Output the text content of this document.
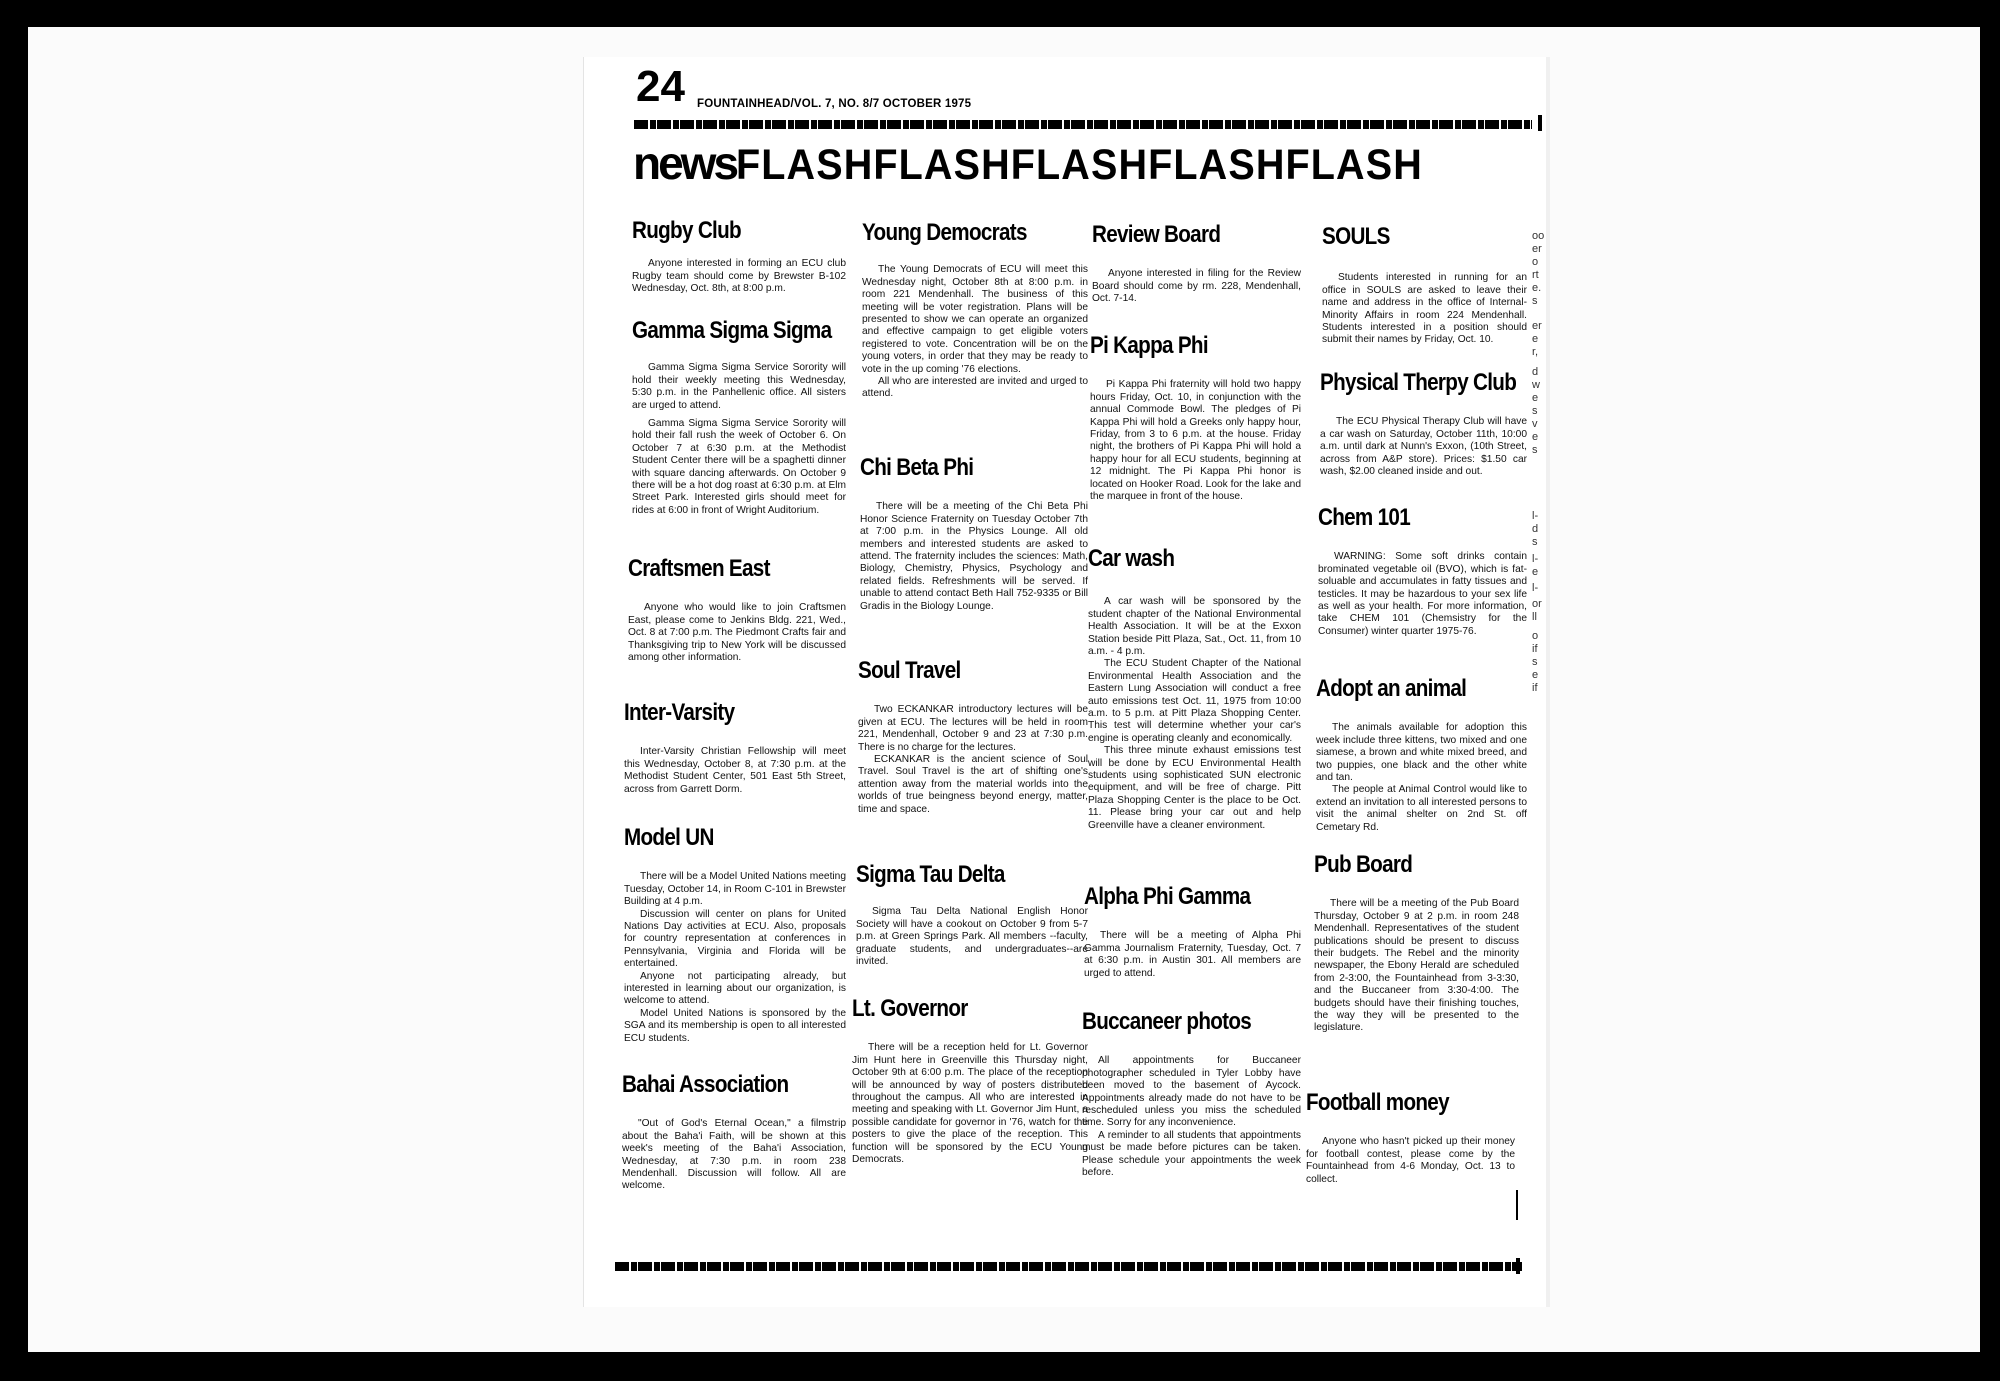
24 FOUNTAINHEAD/VOL. 7, NO. 8/7 OCTOBER 1975
newsFLASHFLASHFLASHFLASHFLASH
Rugby Club

Anyone interested in forming an ECU club Rugby team should come by Brewster B-102 Wednesday, Oct. 8th, at 8:00 p.m.

Gamma Sigma Sigma

Gamma Sigma Sigma Service Sorority will hold their weekly meeting this Wednesday, 5:30 p.m. in the Panhellenic office. All sisters are urged to attend.

Gamma Sigma Sigma Service Sorority will hold their fall rush the week of October 6. On October 7 at 6:30 p.m. at the Methodist Student Center there will be a spaghetti dinner with square dancing afterwards. On October 9 there will be a hot dog roast at 6:30 p.m. at Elm Street Park. Interested girls should meet for rides at 6:00 in front of Wright Auditorium.

Craftsmen East

Anyone who would like to join Craftsmen East, please come to Jenkins Bldg. 221, Wed., Oct. 8 at 7:00 p.m. The Piedmont Crafts fair and Thanksgiving trip to New York will be discussed among other information.

Inter-Varsity

Inter-Varsity Christian Fellowship will meet this Wednesday, October 8, at 7:30 p.m. at the Methodist Student Center, 501 East 5th Street, across from Garrett Dorm.

Model UN

There will be a Model United Nations meeting Tuesday, October 14, in Room C-101 in Brewster Building at 4 p.m.

Discussion will center on plans for United Nations Day activities at ECU. Also, proposals for country representation at conferences in Pennsylvania, Virginia and Florida will be entertained.

Anyone not participating already, but interested in learning about our organization, is welcome to attend.

Model United Nations is sponsored by the SGA and its membership is open to all interested ECU students.

Bahai Association

"Out of God's Eternal Ocean," a filmstrip about the Baha'i Faith, will be shown at this week's meeting of the Baha'i Association, Wednesday, at 7:30 p.m. in room 238 Mendenhall. Discussion will follow. All are welcome.

Young Democrats

The Young Democrats of ECU will meet this Wednesday night, October 8th at 8:00 p.m. in room 221 Mendenhall. The business of this meeting will be voter registration. Plans will be presented to show we can operate an organized and effective campaign to get eligible voters registered to vote. Concentration will be on the young voters, in order that they may be ready to vote in the up coming '76 elections.

All who are interested are invited and urged to attend.

Chi Beta Phi

There will be a meeting of the Chi Beta Phi Honor Science Fraternity on Tuesday October 7th at 7:00 p.m. in the Physics Lounge. All old members and interested students are asked to attend. The fraternity includes the sciences: Math, Biology, Chemistry, Physics, Psychology and related fields. Refreshments will be served. If unable to attend contact Beth Hall 752-9335 or Bill Gradis in the Biology Lounge.

Soul Travel

Two ECKANKAR introductory lectures will be given at ECU. The lectures will be held in room 221, Mendenhall, October 9 and 23 at 7:30 p.m. There is no charge for the lectures.

ECKANKAR is the ancient science of Soul Travel. Soul Travel is the art of shifting one's attention away from the material worlds into the worlds of true beingness beyond energy, matter, time and space.

Sigma Tau Delta

Sigma Tau Delta National English Honor Society will have a cookout on October 9 from 5-7 p.m. at Green Springs Park. All members --faculty, graduate students, and undergraduates--are invited.

Lt. Governor

There will be a reception held for Lt. Governor Jim Hunt here in Greenville this Thursday night, October 9th at 6:00 p.m. The place of the reception will be announced by way of posters distributed throughout the campus. All who are interested in meeting and speaking with Lt. Governor Jim Hunt, a possible candidate for governor in '76, watch for the posters to give the place of the reception. This function will be sponsored by the ECU Young Democrats.

Review Board

Anyone interested in filing for the Review Board should come by rm. 228, Mendenhall, Oct. 7-14.

Pi Kappa Phi

Pi Kappa Phi fraternity will hold two happy hours Friday, Oct. 10, in conjunction with the annual Commode Bowl. The pledges of Pi Kappa Phi will hold a Greeks only happy hour, Friday, from 3 to 6 p.m. at the house. Friday night, the brothers of Pi Kappa Phi will hold a happy hour for all ECU students, beginning at 12 midnight. The Pi Kappa Phi honor is located on Hooker Road. Look for the lake and the marquee in front of the house.

Car wash

A car wash will be sponsored by the student chapter of the National Environmental Health Association. It will be at the Exxon Station beside Pitt Plaza, Sat., Oct. 11, from 10 a.m. - 4 p.m.

The ECU Student Chapter of the National Environmental Health Association and the Eastern Lung Association will conduct a free auto emissions test Oct. 11, 1975 from 10:00 a.m. to 5 p.m. at Pitt Plaza Shopping Center. This test will determine whether your car's engine is operating cleanly and economically.

This three minute exhaust emissions test will be done by ECU Environmental Health students using sophisticated SUN electronic equipment, and will be free of charge. Pitt Plaza Shopping Center is the place to be Oct. 11. Please bring your car out and help Greenville have a cleaner environment.

Alpha Phi Gamma

There will be a meeting of Alpha Phi Gamma Journalism Fraternity, Tuesday, Oct. 7 at 6:30 p.m. in Austin 301. All members are urged to attend.

Buccaneer photos

All appointments for Buccaneer photographer scheduled in Tyler Lobby have been moved to the basement of Aycock. Appointments already made do not have to be rescheduled unless you miss the scheduled time. Sorry for any inconvenience.

A reminder to all students that appointments must be made before pictures can be taken. Please schedule your appointments the week before.

SOULS

Students interested in running for an office in SOULS are asked to leave their name and address in the office of Internal-Minority Affairs in room 224 Mendenhall. Students interested in a position should submit their names by Friday, Oct. 10.

Physical Therpy Club

The ECU Physical Therapy Club will have a car wash on Saturday, October 11th, 10:00 a.m. until dark at Nunn's Exxon, (10th Street, across from A&P store). Prices: $1.50 car wash, $2.00 cleaned inside and out.

Chem 101

WARNING: Some soft drinks contain brominated vegetable oil (BVO), which is fat-soluable and accumulates in fatty tissues and testicles. It may be hazardous to your sex life as well as your health. For more information, take CHEM 101 (Chemsistry for the Consumer) winter quarter 1975-76.

Adopt an animal

The animals available for adoption this week include three kittens, two mixed and one siamese, a brown and white mixed breed, and two puppies, one black and the other white and tan.

The people at Animal Control would like to extend an invitation to all interested persons to visit the animal shelter on 2nd St. off Cemetary Rd.

Pub Board

There will be a meeting of the Pub Board Thursday, October 9 at 2 p.m. in room 248 Mendenhall. Representatives of the student publications should be present to discuss their budgets. The Rebel and the minority newspaper, the Ebony Herald are scheduled from 2-3:00, the Fountainhead from 3-3:30, and the Buccaneer from 3:30-4:00. The budgets should have their finishing touches, the way they will be presented to the legislature.

Football money

Anyone who hasn't picked up their money for football contest, please come by the Fountainhead from 4-6 Monday, Oct. 13 to collect.

oo
er
o
rt
e.
s
er
e
r,
d
w
e
s
v
e
s
l-
d
s
l-
e
l-
or
ll
o
if
s
e
if
